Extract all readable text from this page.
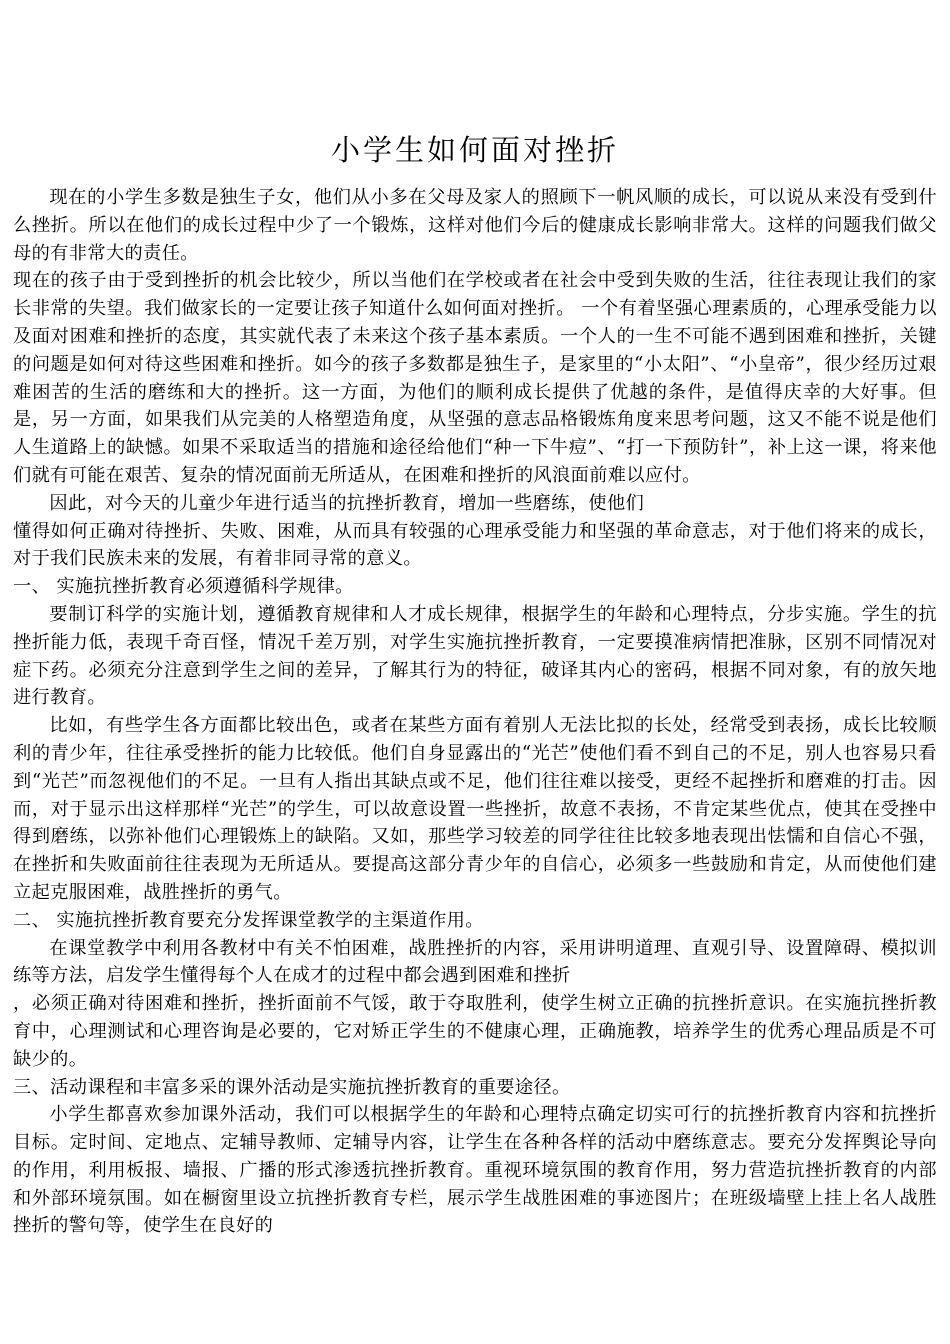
小学生如何面对挫折

现在的小学生多数是独生子女，他们从小多在父母及家人的照顾下一帆风顺的成长，可以说从来没有受到什么挫折。所以在他们的成长过程中少了一个锻炼，这样对他们今后的健康成长影响非常大。这样的问题我们做父母的有非常大的责任。

现在的孩子由于受到挫折的机会比较少，所以当他们在学校或者在社会中受到失败的生活，往往表现让我们的家长非常的失望。我们做家长的一定要让孩子知道什么如何面对挫折。 一个有着坚强心理素质的，心理承受能力以及面对困难和挫折的态度，其实就代表了未来这个孩子基本素质。一个人的一生不可能不遇到困难和挫折，关键的问题是如何对待这些困难和挫折。如今的孩子多数都是独生子，是家里的“小太阳”、“小皇帝”，很少经历过艰难困苦的生活的磨练和大的挫折。这一方面，为他们的顺利成长提供了优越的条件，是值得庆幸的大好事。但是，另一方面，如果我们从完美的人格塑造角度，从坚强的意志品格锻炼角度来思考问题，这又不能不说是他们人生道路上的缺憾。如果不采取适当的措施和途径给他们“种一下牛痘”、“打一下预防针”，补上这一课，将来他们就有可能在艰苦、复杂的情况面前无所适从，在困难和挫折的风浪面前难以应付。

因此，对今天的儿童少年进行适当的抗挫折教育，增加一些磨练，使他们

懂得如何正确对待挫折、失败、困难，从而具有较强的心理承受能力和坚强的革命意志，对于他们将来的成长，对于我们民族未来的发展，有着非同寻常的意义。

一、 实施抗挫折教育必须遵循科学规律。

要制订科学的实施计划，遵循教育规律和人才成长规律，根据学生的年龄和心理特点，分步实施。学生的抗挫折能力低，表现千奇百怪，情况千差万别，对学生实施抗挫折教育，一定要摸准病情把准脉，区别不同情况对症下药。必须充分注意到学生之间的差异，了解其行为的特征，破译其内心的密码，根据不同对象，有的放矢地进行教育。

比如，有些学生各方面都比较出色，或者在某些方面有着别人无法比拟的长处，经常受到表扬，成长比较顺利的青少年，往往承受挫折的能力比较低。他们自身显露出的“光芒”使他们看不到自己的不足，别人也容易只看到“光芒”而忽视他们的不足。一旦有人指出其缺点或不足，他们往往难以接受，更经不起挫折和磨难的打击。因而，对于显示出这样那样“光芒”的学生，可以故意设置一些挫折，故意不表扬，不肯定某些优点，使其在受挫中得到磨练，以弥补他们心理锻炼上的缺陷。又如，那些学习较差的同学往往比较多地表现出怯懦和自信心不强，在挫折和失败面前往往表现为无所适从。要提高这部分青少年的自信心，必须多一些鼓励和肯定，从而使他们建立起克服困难，战胜挫折的勇气。

二、 实施抗挫折教育要充分发挥课堂教学的主渠道作用。

在课堂教学中利用各教材中有关不怕困难，战胜挫折的内容，采用讲明道理、直观引导、设置障碍、模拟训练等方法，启发学生懂得每个人在成才的过程中都会遇到困难和挫折

，必须正确对待困难和挫折，挫折面前不气馁，敢于夺取胜利，使学生树立正确的抗挫折意识。在实施抗挫折教育中，心理测试和心理咨询是必要的，它对矫正学生的不健康心理，正确施教，培养学生的优秀心理品质是不可缺少的。

三、活动课程和丰富多采的课外活动是实施抗挫折教育的重要途径。

小学生都喜欢参加课外活动，我们可以根据学生的年龄和心理特点确定切实可行的抗挫折教育内容和抗挫折目标。定时间、定地点、定辅导教师、定辅导内容，让学生在各种各样的活动中磨练意志。要充分发挥舆论导向的作用，利用板报、墙报、广播的形式渗透抗挫折教育。重视环境氛围的教育作用，努力营造抗挫折教育的内部和外部环境氛围。如在橱窗里设立抗挫折教育专栏，展示学生战胜困难的事迹图片；在班级墙壁上挂上名人战胜挫折的警句等，使学生在良好的
